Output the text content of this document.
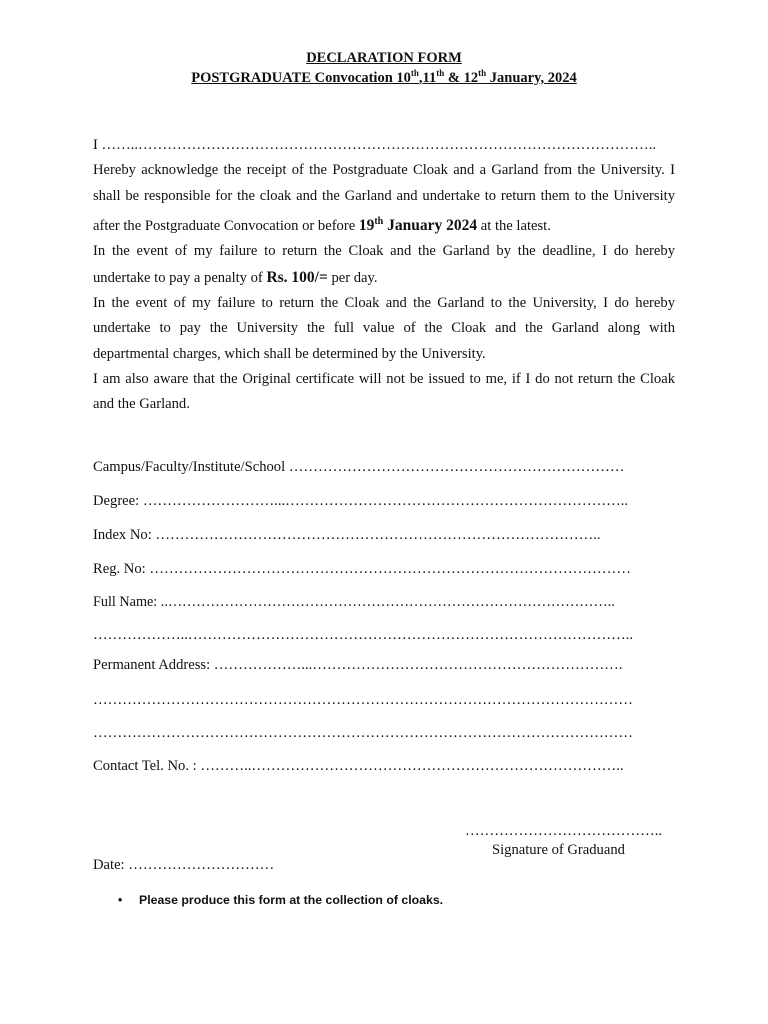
DECLARATION FORM
POSTGRADUATE Convocation 10th,11th & 12th January, 2024

I ……..……………………………………………………………………………………………..

Hereby acknowledge the receipt of the Postgraduate Cloak and a Garland from the University. I shall be responsible for the cloak and the Garland and undertake to return them to the University after the Postgraduate Convocation or before 19th January 2024 at the latest.

In the event of my failure to return the Cloak and the Garland by the deadline, I do hereby undertake to pay a penalty of Rs. 100/= per day.

In the event of my failure to return the Cloak and the Garland to the University, I do hereby undertake to pay the University the full value of the Cloak and the Garland along with departmental charges, which shall be determined by the University.

I am also aware that the Original certificate will not be issued to me, if I do not return the Cloak and the Garland.

Campus/Faculty/Institute/School ……………………………………………………………
Degree: ………………………...……………………………………………………………..
Index No: ………………………………………………………………………………..
Reg. No: ………………………………………………………………………………………
Full Name: ..…………………………………………………………………………………..
………………..………………………………………………………………………………..
Permanent Address: ………………...……………………………………………………….
…………………………………………………………………………………………………
…………………………………………………………………………………………………
Contact Tel. No. : ………..…………………………………………………………………..
…………………………………..
Signature of Graduand
Date: …………………………
• Please produce this form at the collection of cloaks.
